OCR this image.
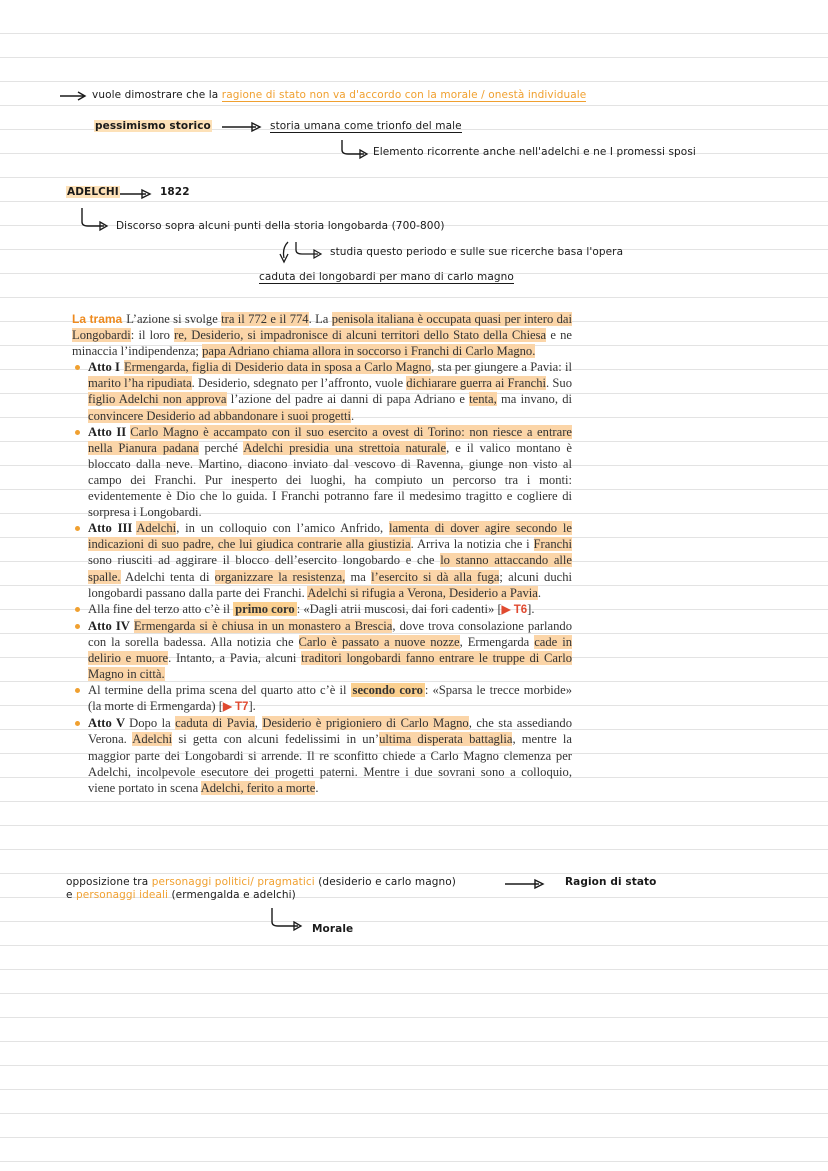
vuole dimostrare che la ragione di stato non va d'accordo con la morale / onestà individuale
pessimismo storico	storia umana come trionfo del male
Elemento ricorrente anche nell'adelchi e ne I promessi sposi
ADELCHI	1822
Discorso sopra alcuni punti della storia longobarda (700-800)
studia questo periodo e sulle sue ricerche basa l'opera
caduta dei longobardi per mano di carlo magno

La trama L’azione si svolge tra il 772 e il 774. La penisola italiana è occupata quasi per intero dai Longobardi: il loro re, Desiderio, si impadronisce di alcuni territori dello Stato della Chiesa e ne minaccia l’indipendenza; papa Adriano chiama allora in soccorso i Franchi di Carlo Magno.

Atto I Ermengarda, figlia di Desiderio data in sposa a Carlo Magno, sta per giungere a Pavia: il marito l’ha ripudiata. Desiderio, sdegnato per l’affronto, vuole dichiarare guerra ai Franchi. Suo figlio Adelchi non approva l’azione del padre ai danni di papa Adriano e tenta, ma invano, di convincere Desiderio ad abbandonare i suoi progetti.
Atto II Carlo Magno è accampato con il suo esercito a ovest di Torino: non riesce a entrare nella Pianura padana perché Adelchi presidia una strettoia naturale, e il valico montano è bloccato dalla neve. Martino, diacono inviato dal vescovo di Ravenna, giunge non visto al campo dei Franchi. Pur inesperto dei luoghi, ha compiuto un percorso tra i monti: evidentemente è Dio che lo guida. I Franchi potranno fare il medesimo tragitto e cogliere di sorpresa i Longobardi.
Atto III Adelchi, in un colloquio con l’amico Anfrido, lamenta di dover agire secondo le indicazioni di suo padre, che lui giudica contrarie alla giustizia. Arriva la notizia che i Franchi sono riusciti ad aggirare il blocco dell’esercito longobardo e che lo stanno attaccando alle spalle. Adelchi tenta di organizzare la resistenza, ma l’esercito si dà alla fuga; alcuni duchi longobardi passano dalla parte dei Franchi. Adelchi si rifugia a Verona, Desiderio a Pavia.
Alla fine del terzo atto c’è il primo coro : «Dagli atrii muscosi, dai fori cadenti» [▶ T6].
Atto IV Ermengarda si è chiusa in un monastero a Brescia, dove trova consolazione parlando con la sorella badessa. Alla notizia che Carlo è passato a nuove nozze, Ermengarda cade in delirio e muore. Intanto, a Pavia, alcuni traditori longobardi fanno entrare le truppe di Carlo Magno in città.
Al termine della prima scena del quarto atto c’è il secondo coro : «Sparsa le trecce morbide» (la morte di Ermengarda) [▶ T7].
Atto V Dopo la caduta di Pavia, Desiderio è prigioniero di Carlo Magno, che sta assediando Verona. Adelchi si getta con alcuni fedelissimi in un’ultima disperata battaglia, mentre la maggior parte dei Longobardi si arrende. Il re sconfitto chiede a Carlo Magno clemenza per Adelchi, incolpevole esecutore dei progetti paterni. Mentre i due sovrani sono a colloquio, viene portato in scena Adelchi, ferito a morte.
opposizione tra personaggi politici/ pragmatici (desiderio e carlo magno)	Ragion di stato
e personaggi ideali (ermengalda e adelchi)
Morale
